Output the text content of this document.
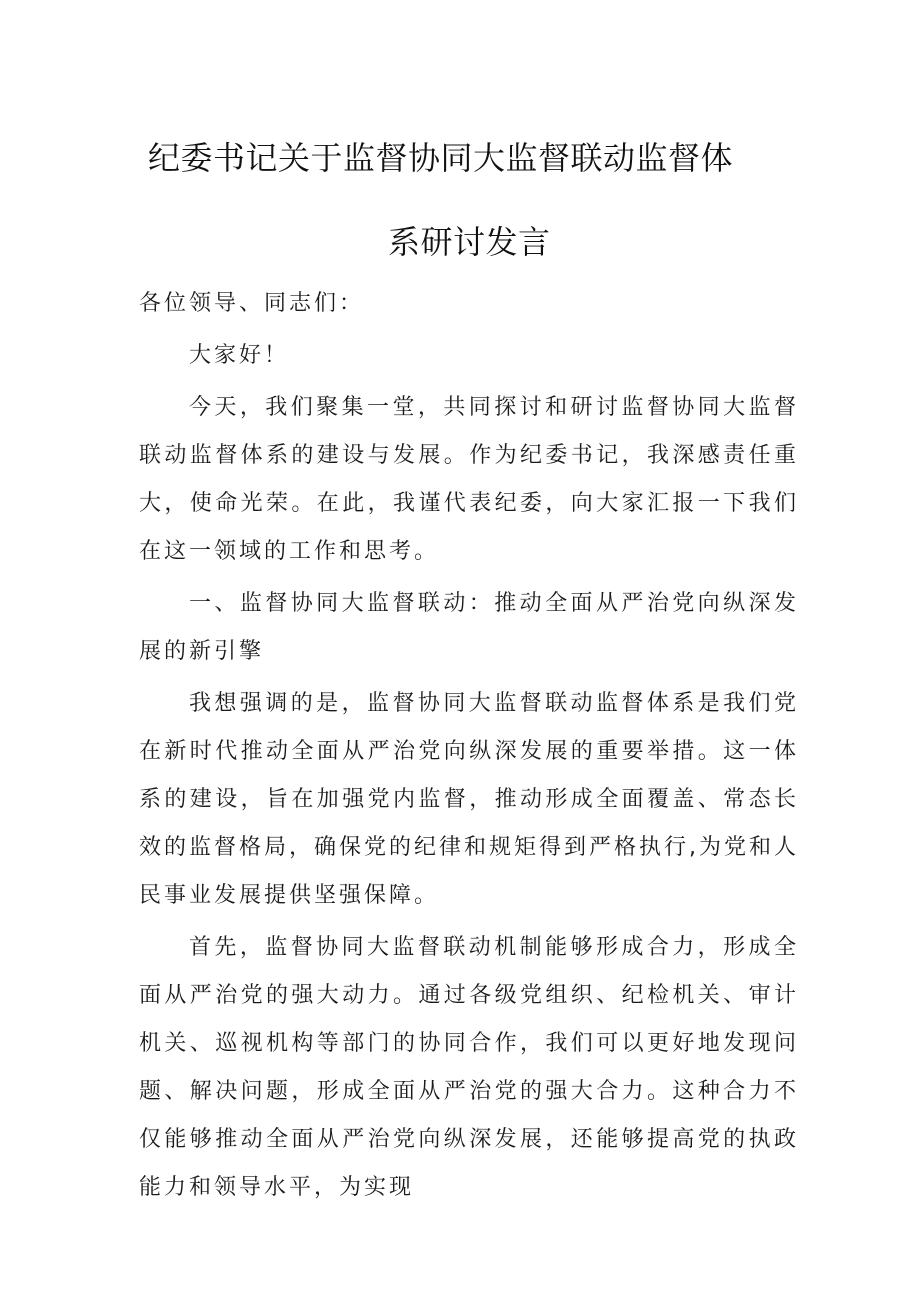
纪委书记关于监督协同大监督联动监督体
系研讨发言

各位领导、同志们：

大家好！

今天，我们聚集一堂，共同探讨和研讨监督协同大监督联动监督体系的建设与发展。作为纪委书记，我深感责任重大，使命光荣。在此，我谨代表纪委，向大家汇报一下我们在这一领域的工作和思考。

一、监督协同大监督联动：推动全面从严治党向纵深发展的新引擎

我想强调的是，监督协同大监督联动监督体系是我们党在新时代推动全面从严治党向纵深发展的重要举措。这一体系的建设，旨在加强党内监督，推动形成全面覆盖、常态长效的监督格局，确保党的纪律和规矩得到严格执行,为党和人民事业发展提供坚强保障。

首先，监督协同大监督联动机制能够形成合力，形成全面从严治党的强大动力。通过各级党组织、纪检机关、审计机关、巡视机构等部门的协同合作，我们可以更好地发现问题、解决问题，形成全面从严治党的强大合力。这种合力不仅能够推动全面从严治党向纵深发展，还能够提高党的执政能力和领导水平，为实现
